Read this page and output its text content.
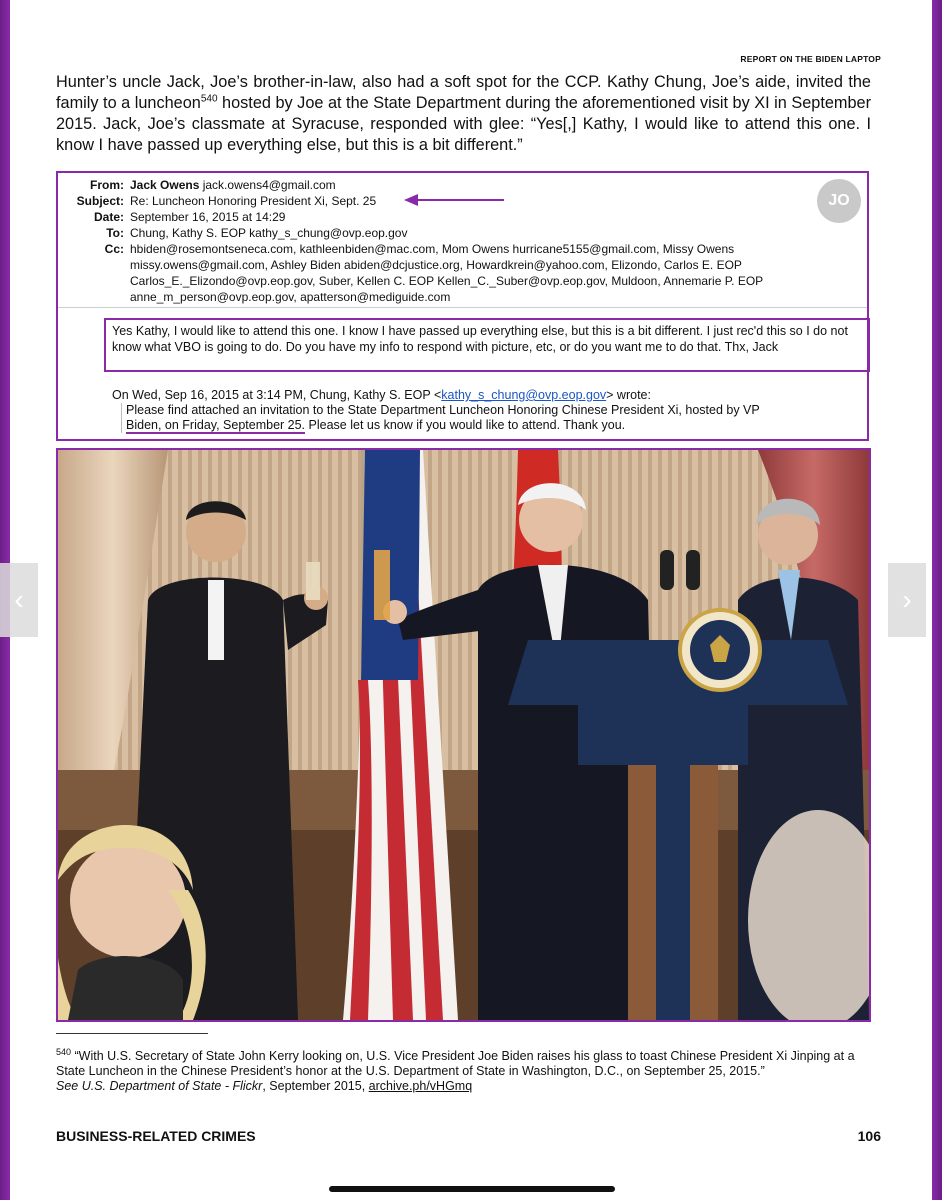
REPORT ON THE BIDEN LAPTOP

Hunter’s uncle Jack, Joe’s brother-in-law, also had a soft spot for the CCP. Kathy Chung, Joe’s aide, invited the family to a luncheon$^{540}$ hosted by Joe at the State Department during the aforementioned visit by XI in September 2015. Jack, Joe’s classmate at Syracuse, responded with glee: “Yes[,] Kathy, I would like to attend this one. I know I have passed up everything else, but this is a bit different.”

From: Jack Owens jack.owens4@gmail.com
Subject: Re: Luncheon Honoring President Xi, Sept. 25
Date: September 16, 2015 at 14:29
To: Chung, Kathy S. EOP kathy_s_chung@ovp.eop.gov
Cc: hbiden@rosemontseneca.com, kathleenbiden@mac.com, Mom Owens hurricane5155@gmail.com, Missy Owens missy.owens@gmail.com, Ashley Biden abiden@dcjustice.org, Howardkrein@yahoo.com, Elizondo, Carlos E. EOP Carlos_E._Elizondo@ovp.eop.gov, Suber, Kellen C. EOP Kellen_C._Suber@ovp.eop.gov, Muldoon, Annemarie P. EOP anne_m_person@ovp.eop.gov, apatterson@mediguide.com
JO
Yes Kathy, I would like to attend this one. I know I have passed up everything else, but this is a bit different. I just rec'd this so I do not know what VBO is going to do. Do you have my info to respond with picture, etc, or do you want me to do that. Thx, Jack
On Wed, Sep 16, 2015 at 3:14 PM, Chung, Kathy S. EOP <kathy_s_chung@ovp.eop.gov> wrote:
Please find attached an invitation to the State Department Luncheon Honoring Chinese President Xi, hosted by VP
Biden, on Friday, September 25. Please let us know if you would like to attend. Thank you.
‹	›
$^{540}$ “With U.S. Secretary of State John Kerry looking on, U.S. Vice President Joe Biden raises his glass to toast Chinese President Xi Jinping at a State Luncheon in the Chinese President’s honor at the U.S. Department of State in Washington, D.C., on September 25, 2015.”
See U.S. Department of State - Flickr, September 2015, archive.ph/vHGmq
BUSINESS-RELATED CRIMES	106
